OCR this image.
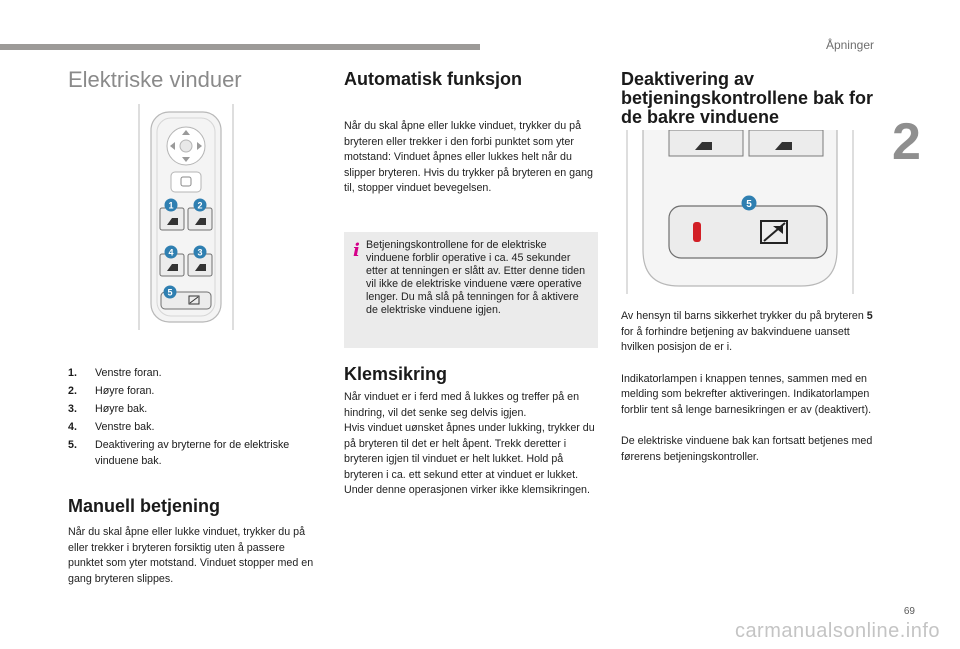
Åpninger
2
Elektriske vinduer
1	2
4	3
5
1.	Venstre foran.
2.	Høyre foran.
3.	Høyre bak.
4.	Venstre bak.
5.	Deaktivering av bryterne for de elektriske vinduene bak.
Manuell betjening

Når du skal åpne eller lukke vinduet, trykker du på eller trekker i bryteren forsiktig uten å passere punktet som yter motstand. Vinduet stopper med en gang bryteren slippes.

Automatisk funksjon

Når du skal åpne eller lukke vinduet, trykker du på bryteren eller trekker i den forbi punktet som yter motstand: Vinduet åpnes eller lukkes helt når du slipper bryteren. Hvis du trykker på bryteren en gang til, stopper vinduet bevegelsen.

i Betjeningskontrollene for de elektriske vinduene forblir operative i ca. 45 sekunder etter at tenningen er slått av. Etter denne tiden vil ikke de elektriske vinduene være operative lenger. Du må slå på tenningen for å aktivere de elektriske vinduene igjen.
Klemsikring
Når vinduet er i ferd med å lukkes og treffer på en hindring, vil det senke seg delvis igjen.
Hvis vinduet uønsket åpnes under lukking, trykker du på bryteren til det er helt åpent. Trekk deretter i bryteren igjen til vinduet er helt lukket. Hold på bryteren i ca. ett sekund etter at vinduet er lukket.
Under denne operasjonen virker ikke klemsikringen.
Deaktivering av betjeningskontrollene bak for de bakre vinduene
5

Av hensyn til barns sikkerhet trykker du på bryteren 5 for å forhindre betjening av bakvinduene uansett hvilken posisjon de er i.

Indikatorlampen i knappen tennes, sammen med en melding som bekrefter aktiveringen. Indikatorlampen forblir tent så lenge barnesikringen er av (deaktivert).

De elektriske vinduene bak kan fortsatt betjenes med førerens betjeningskontroller.

69
carmanualsonline.info
